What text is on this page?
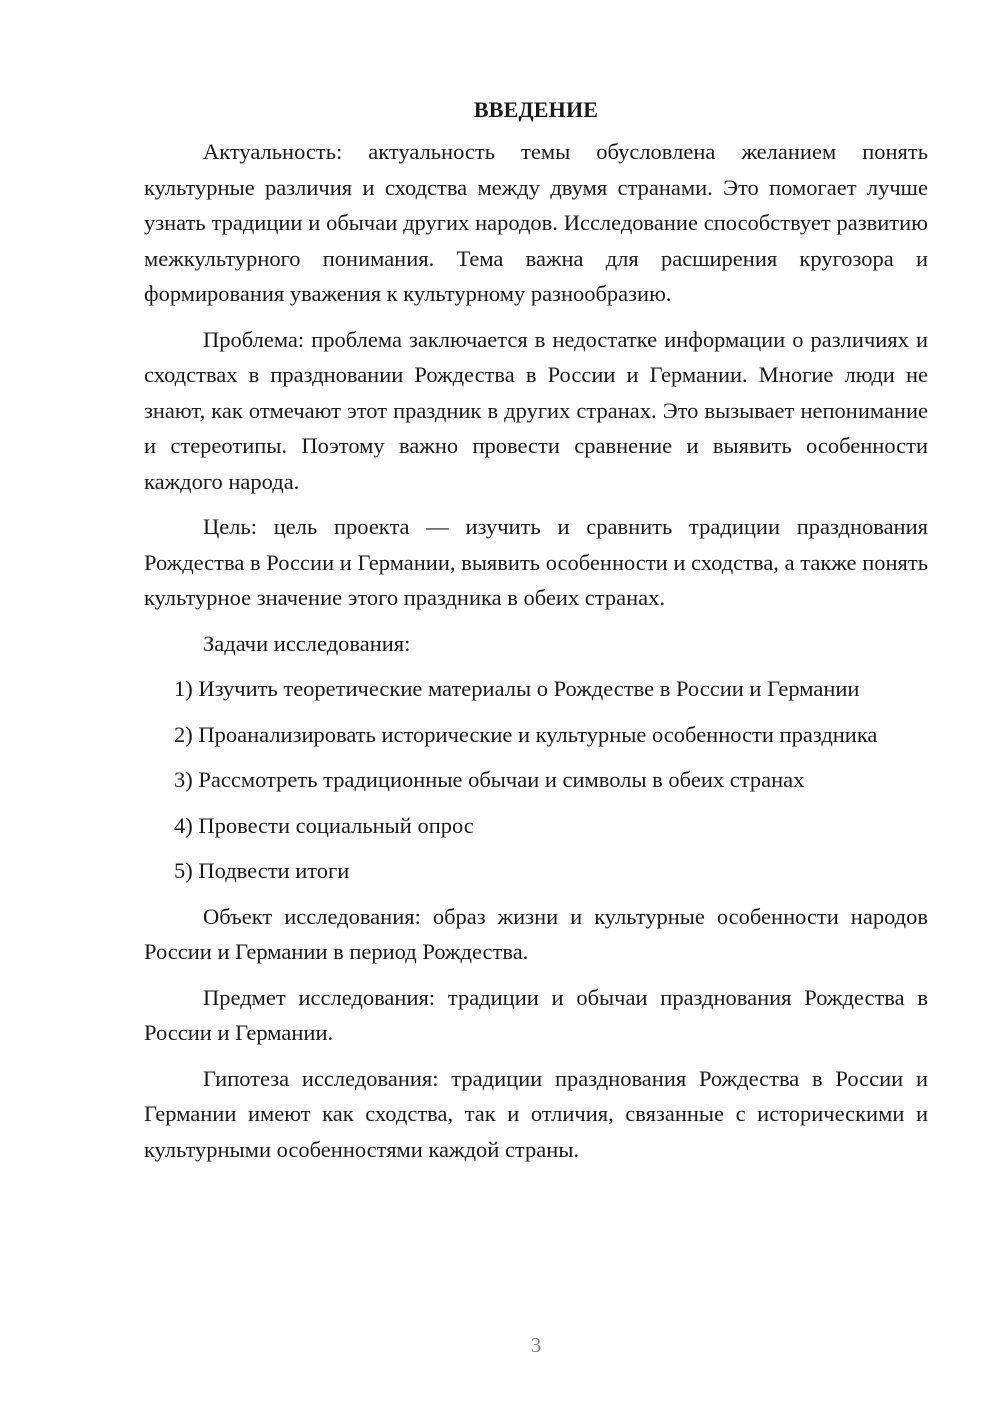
ВВЕДЕНИЕ

Актуальность: актуальность темы обусловлена желанием понять культурные различия и сходства между двумя странами. Это помогает лучше узнать традиции и обычаи других народов. Исследование способствует развитию межкультурного понимания. Тема важна для расширения кругозора и формирования уважения к культурному разнообразию.

Проблема: проблема заключается в недостатке информации о различиях и сходствах в праздновании Рождества в России и Германии. Многие люди не знают, как отмечают этот праздник в других странах. Это вызывает непонимание и стереотипы. Поэтому важно провести сравнение и выявить особенности каждого народа.

Цель: цель проекта — изучить и сравнить традиции празднования Рождества в России и Германии, выявить особенности и сходства, а также понять культурное значение этого праздника в обеих странах.

Задачи исследования:

1) Изучить теоретические материалы о Рождестве в России и Германии

2) Проанализировать исторические и культурные особенности праздника

3) Рассмотреть традиционные обычаи и символы в обеих странах

4) Провести социальный опрос

5) Подвести итоги

Объект исследования: образ жизни и культурные особенности народов России и Германии в период Рождества.

Предмет исследования: традиции и обычаи празднования Рождества в России и Германии.

Гипотеза исследования: традиции празднования Рождества в России и Германии имеют как сходства, так и отличия, связанные с историческими и культурными особенностями каждой страны.

3
